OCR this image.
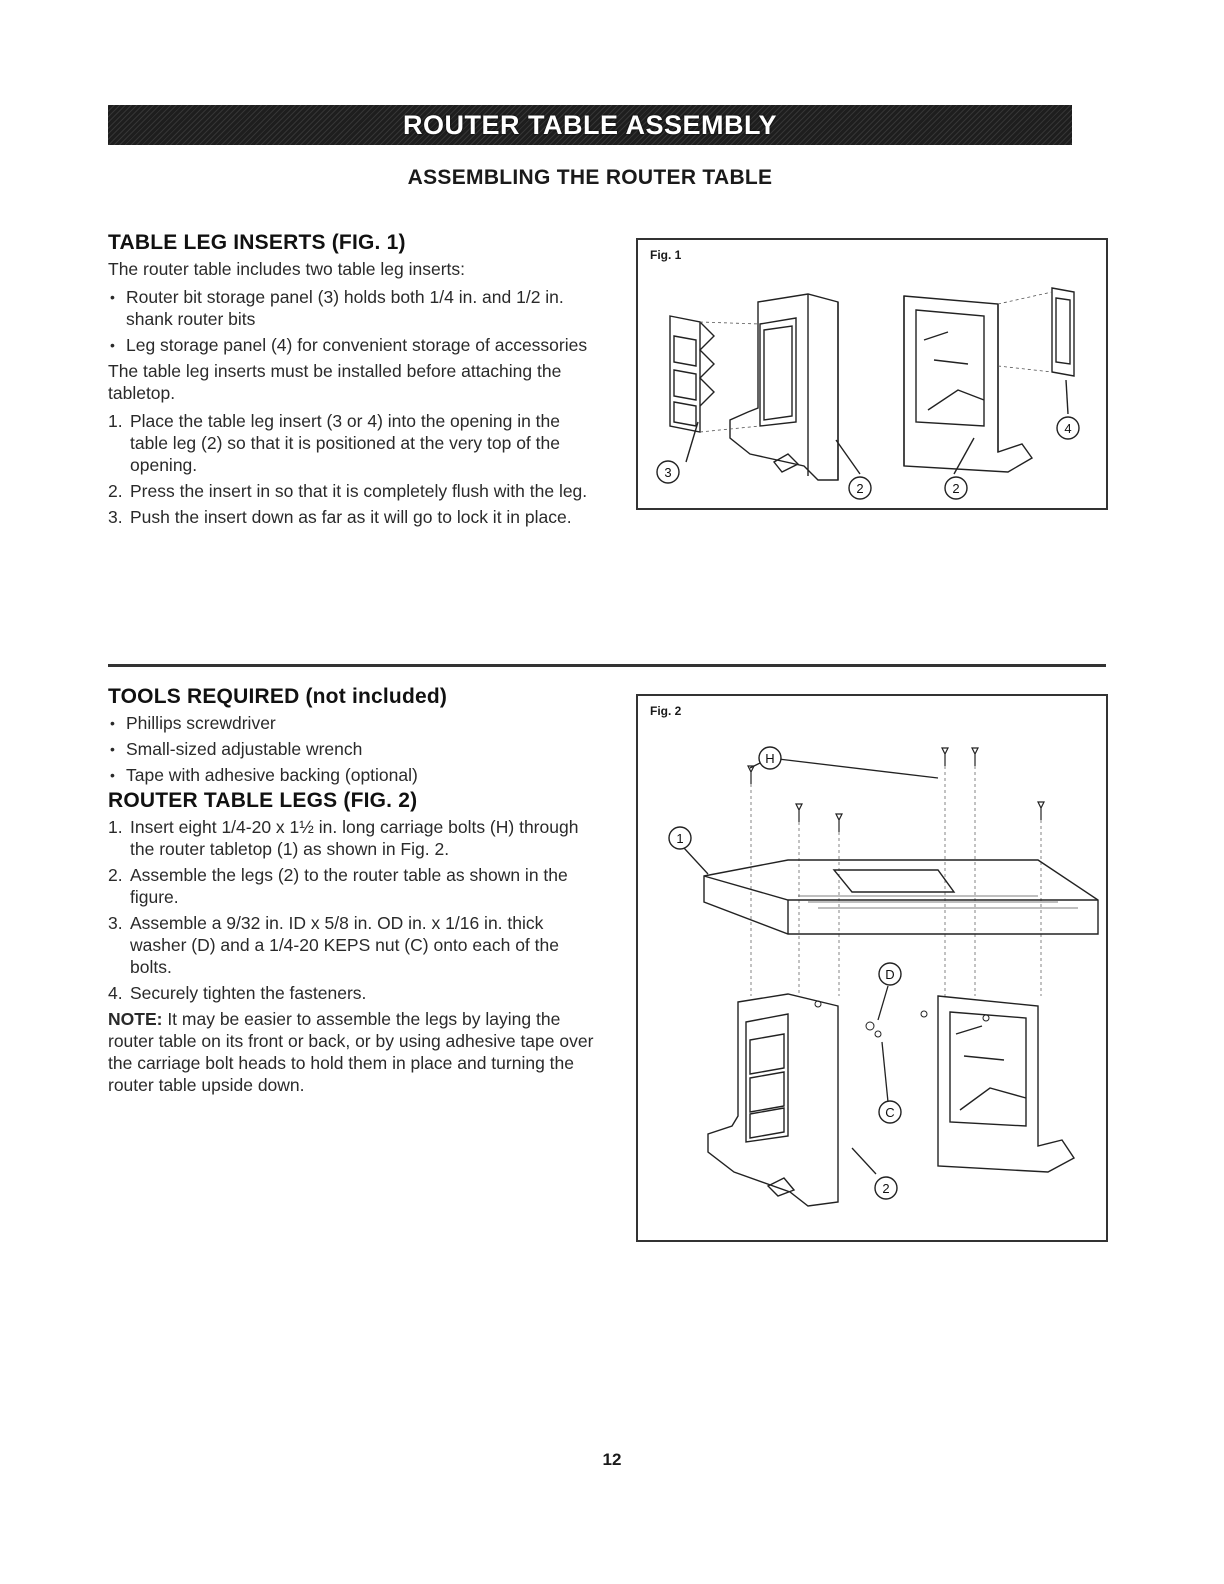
ROUTER TABLE ASSEMBLY
ASSEMBLING THE ROUTER TABLE
TABLE LEG INSERTS (FIG. 1)

The router table includes two table leg inserts:

• Router bit storage panel (3) holds both 1/4 in. and 1/2 in. shank router bits
• Leg storage panel (4) for convenient storage of accessories

The table leg inserts must be installed before attaching the tabletop.

1. Place the table leg insert (3 or 4) into the opening in the table leg (2) so that it is positioned at the very top of the opening.
2. Press the insert in so that it is completely flush with the leg.
3. Push the insert down as far as it will go to lock it in place.
3
2	2
4
Fig. 1
TOOLS REQUIRED (not included)
• Phillips screwdriver
• Small-sized adjustable wrench
• Tape with adhesive backing (optional)
ROUTER TABLE LEGS (FIG. 2)
1. Insert eight 1/4-20 x 1½ in. long carriage bolts (H) through the router tabletop (1) as shown in Fig. 2.
2. Assemble the legs (2) to the router table as shown in the figure.
3. Assemble a 9/32 in. ID x 5/8 in. OD in. x 1/16 in. thick washer (D) and a 1/4-20 KEPS nut (C) onto each of the bolts.
4. Securely tighten the fasteners.

NOTE: It may be easier to assemble the legs by laying the router table on its front or back, or by using adhesive tape over the carriage bolt heads to hold them in place and turning the router table upside down.

H
1
D
C
2
Fig. 2
12
